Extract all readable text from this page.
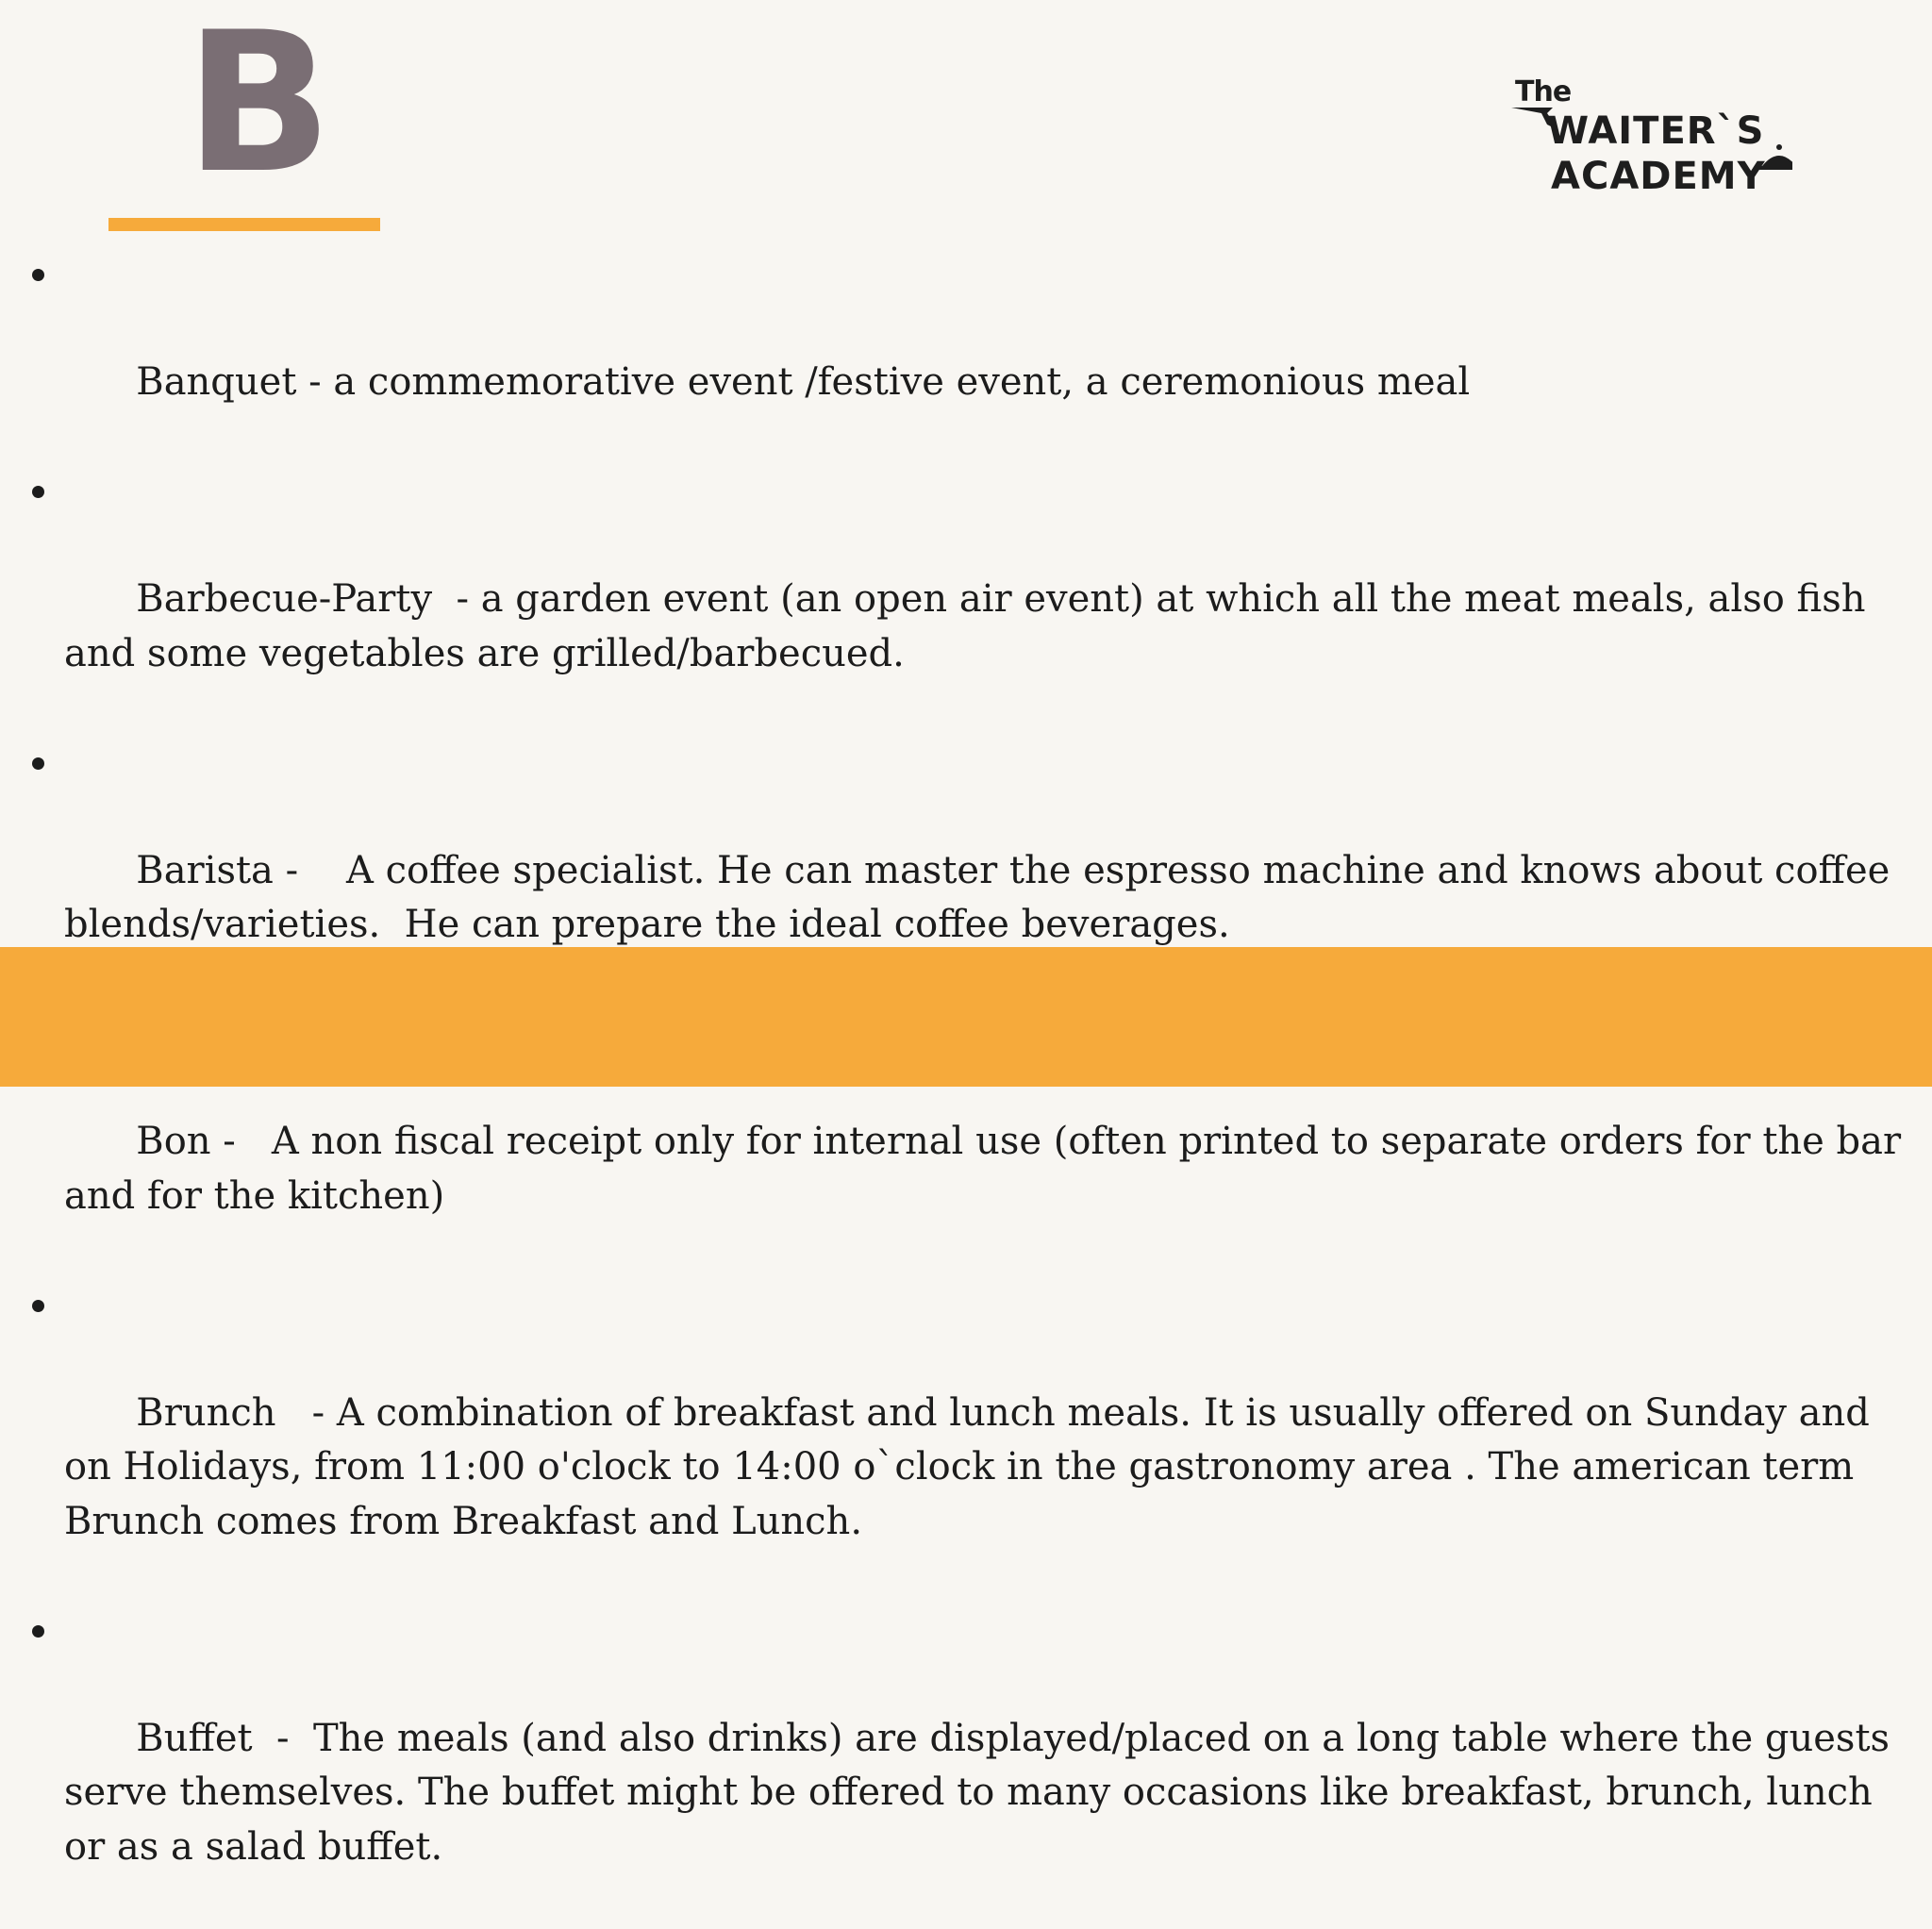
B	The
WAITER`S
ACADEMY

Banquet - a commemorative event /festive event, a ceremonious meal

Barbecue-Party  - a garden event (an open air event) at which all the meat meals, also fish and some vegetables are grilled/barbecued.

Barista -    A coffee specialist. He can master the espresso machine and knows about coffee blends/varieties.  He can prepare the ideal coffee beverages.

Bon -   A non fiscal receipt only for internal use (often printed to separate orders for the bar and for the kitchen)

Brunch   - A combination of breakfast and lunch meals. It is usually offered on Sunday and on Holidays, from 11:00 o'clock to 14:00 o`clock in the gastronomy area . The american term Brunch comes from Breakfast and Lunch.

Buffet  -  The meals (and also drinks) are displayed/placed on a long table where the guests serve themselves. The buffet might be offered to many occasions like breakfast, brunch, lunch or as a salad buffet.
